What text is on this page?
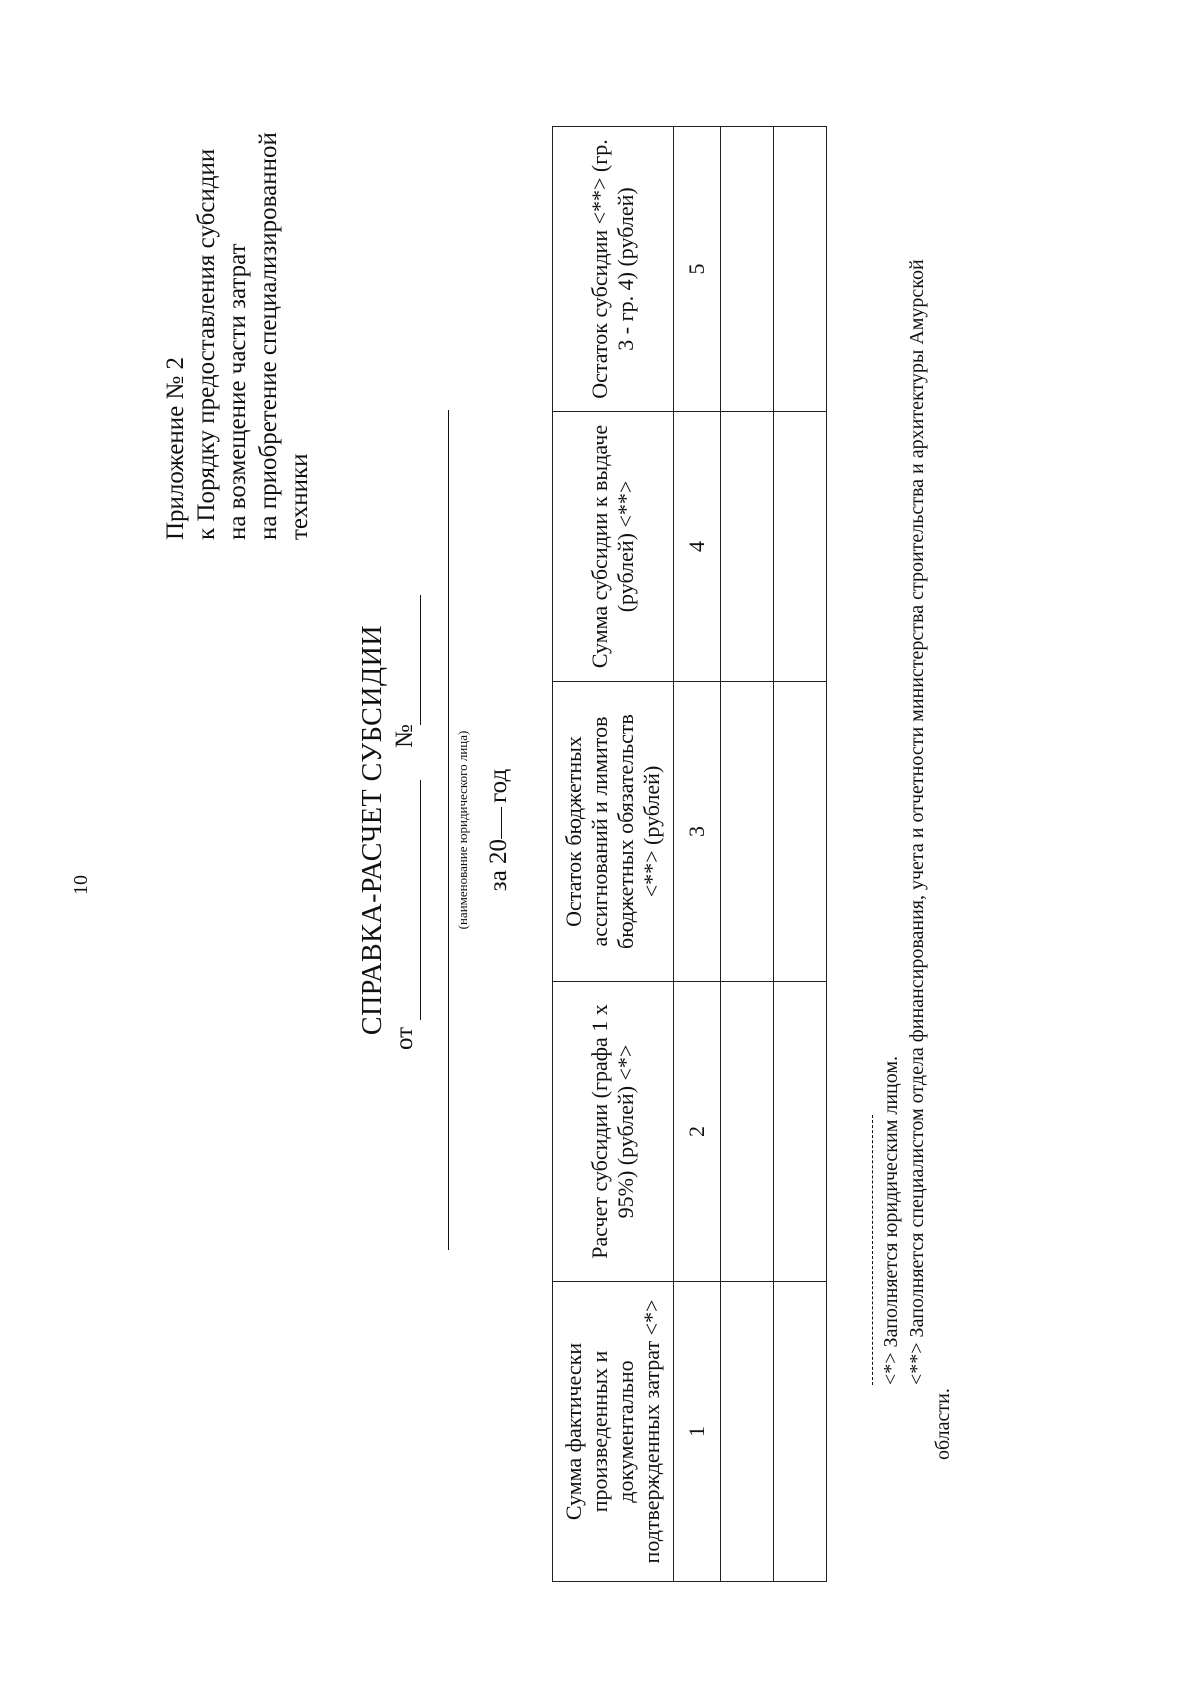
10
Приложение № 2 к Порядку предоставления субсидии на возмещение части затрат на приобретение специализированной техники
СПРАВКА-РАСЧЕТ СУБСИДИИ
от
№	(наименование юридического лица) за 20год
Сумма фактически произведенных и документально подтвержденных затрат <*>	Расчет субсидии (графа 1 х 95%) (рублей) <*>	Остаток бюджетных ассигнований и лимитов бюджетных обязательств <**> (рублей)	Сумма субсидии к выдаче (рублей) <**>	Остаток субсидии <**> (гр. 3 - гр. 4) (рублей)
1	2	3	4	5

<*> Заполняется юридическим лицом. <**> Заполняется специалистом отдела финансирования, учета и отчетности министерства строительства и архитектуры Амурской
области.
